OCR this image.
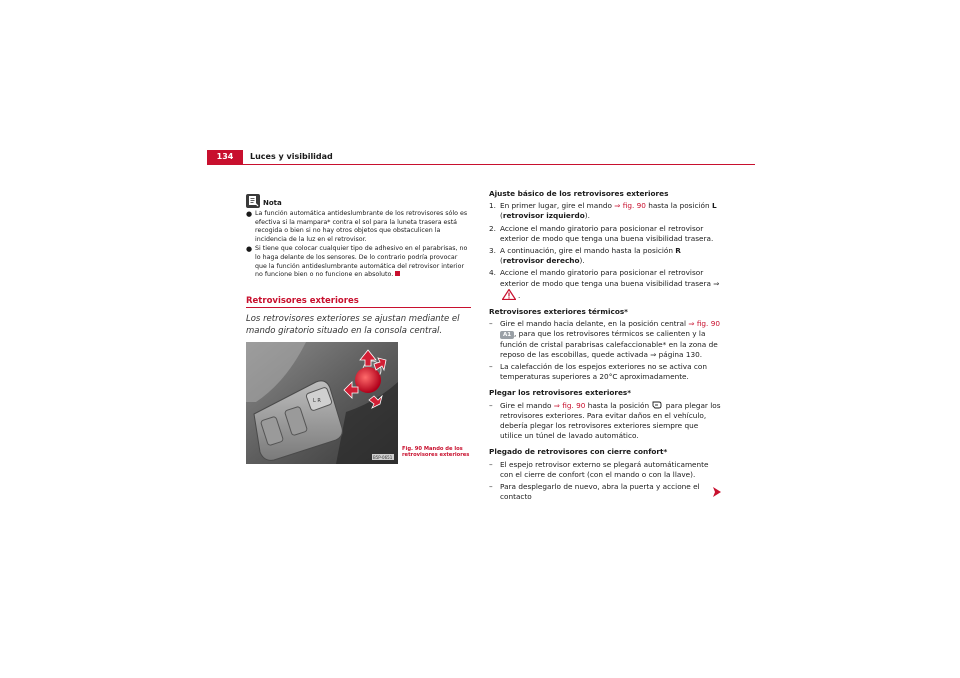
134	Luces y visibilidad
Nota
● La función automática antideslumbrante de los retrovisores sólo es efectiva si la mampara* contra el sol para la luneta trasera está recogida o bien si no hay otros objetos que obstaculicen la incidencia de la luz en el retrovisor.
● Si tiene que colocar cualquier tipo de adhesivo en el parabrisas, no lo haga delante de los sensores. De lo contrario podría provocar que la función antideslumbrante automática del retrovisor interior no funcione bien o no funcione en absoluto.
Retrovisores exteriores
Los retrovisores exteriores se ajustan mediante el mando giratorio situado en la consola central.
L R
B5P-0651
Fig. 90 Mando de los retrovisores exteriores
Ajuste básico de los retrovisores exteriores
1. En primer lugar, gire el mando ⇒ fig. 90 hasta la posición L
(retrovisor izquierdo).
2. Accione el mando giratorio para posicionar el retrovisor exterior de modo que tenga una buena visibilidad trasera.
3. A continuación, gire el mando hasta la posición R (retrovisor derecho).
4. Accione el mando giratorio para posicionar el retrovisor exterior de modo que tenga una buena visibilidad trasera ⇒ .
Retrovisores exteriores térmicos*
– Gire el mando hacia delante, en la posición central ⇒ fig. 90 A1 , para que los retrovisores térmicos se calienten y la función de cristal parabrisas calefaccionable* en la zona de reposo de las escobillas, quede activada ⇒ página 130.
– La calefacción de los espejos exteriores no se activa con temperaturas superiores a 20°C aproximadamente.
Plegar los retrovisores exteriores*
– Gire el mando ⇒ fig. 90 hasta la posición  para plegar los retrovisores exteriores. Para evitar daños en el vehículo, debería plegar los retrovisores exteriores siempre que utilice un túnel de lavado automático.
Plegado de retrovisores con cierre confort*
– El espejo retrovisor externo se plegará automáticamente con el cierre de confort (con el mando o con la llave).
– Para desplegarlo de nuevo, abra la puerta y accione el contacto
